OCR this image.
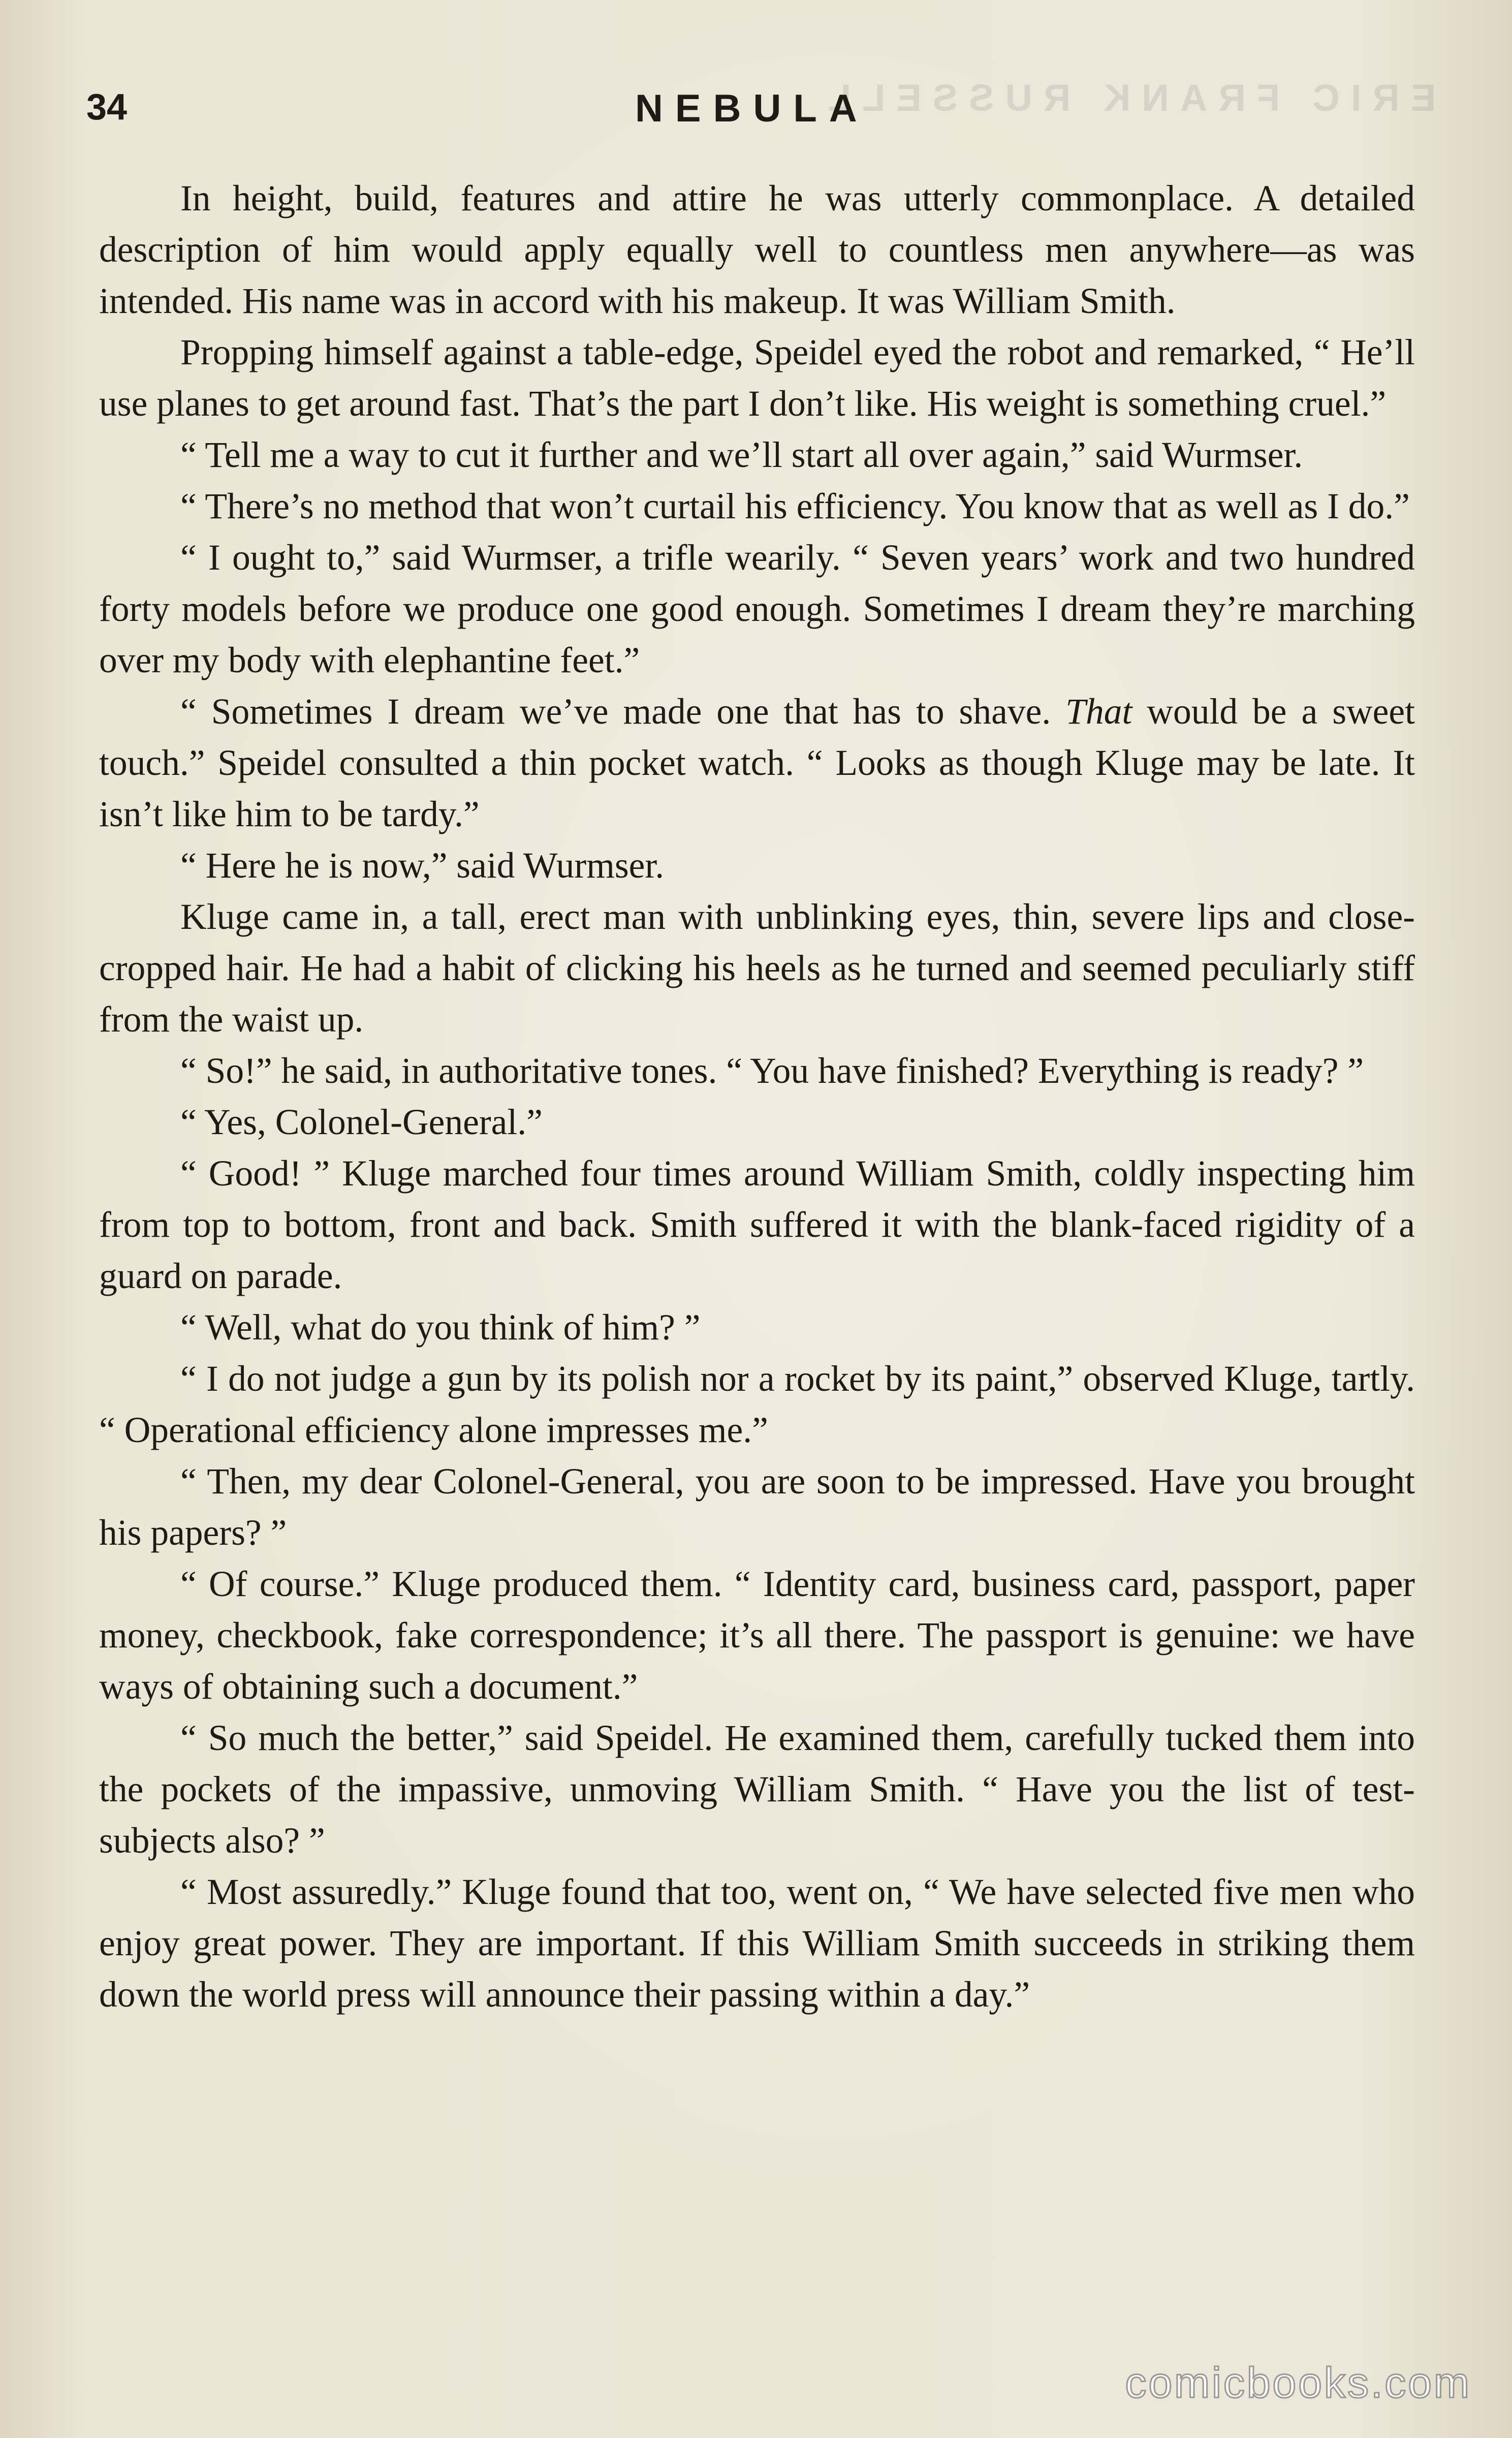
ERIC FRANK RUSSELL
34	NEBULA

In height, build, features and attire he was utterly commonplace. A detailed description of him would apply equally well to countless men anywhere—as was intended. His name was in accord with his makeup. It was William Smith.

Propping himself against a table-edge, Speidel eyed the robot and remarked, “ He’ll use planes to get around fast. That’s the part I don’t like. His weight is something cruel.”

“ Tell me a way to cut it further and we’ll start all over again,” said Wurmser.

“ There’s no method that won’t curtail his efficiency. You know that as well as I do.”

“ I ought to,” said Wurmser, a trifle wearily. “ Seven years’ work and two hundred forty models before we produce one good enough. Sometimes I dream they’re marching over my body with elephantine feet.”

“ Sometimes I dream we’ve made one that has to shave. That would be a sweet touch.” Speidel consulted a thin pocket watch. “ Looks as though Kluge may be late. It isn’t like him to be tardy.”

“ Here he is now,” said Wurmser.

Kluge came in, a tall, erect man with unblinking eyes, thin, severe lips and close-cropped hair. He had a habit of clicking his heels as he turned and seemed peculiarly stiff from the waist up.

“ So!” he said, in authoritative tones. “ You have finished? Everything is ready? ”

“ Yes, Colonel-General.”

“ Good! ” Kluge marched four times around William Smith, coldly inspecting him from top to bottom, front and back. Smith suffered it with the blank-faced rigidity of a guard on parade.

“ Well, what do you think of him? ”

“ I do not judge a gun by its polish nor a rocket by its paint,” observed Kluge, tartly. “ Operational efficiency alone impresses me.”

“ Then, my dear Colonel-General, you are soon to be impressed. Have you brought his papers? ”

“ Of course.” Kluge produced them. “ Identity card, business card, passport, paper money, checkbook, fake correspondence; it’s all there. The passport is genuine: we have ways of obtaining such a document.”

“ So much the better,” said Speidel. He examined them, carefully tucked them into the pockets of the impassive, unmoving William Smith. “ Have you the list of test-subjects also? ”

“ Most assuredly.” Kluge found that too, went on, “ We have selected five men who enjoy great power. They are important. If this William Smith succeeds in striking them down the world press will announce their passing within a day.”

comicbooks.com
